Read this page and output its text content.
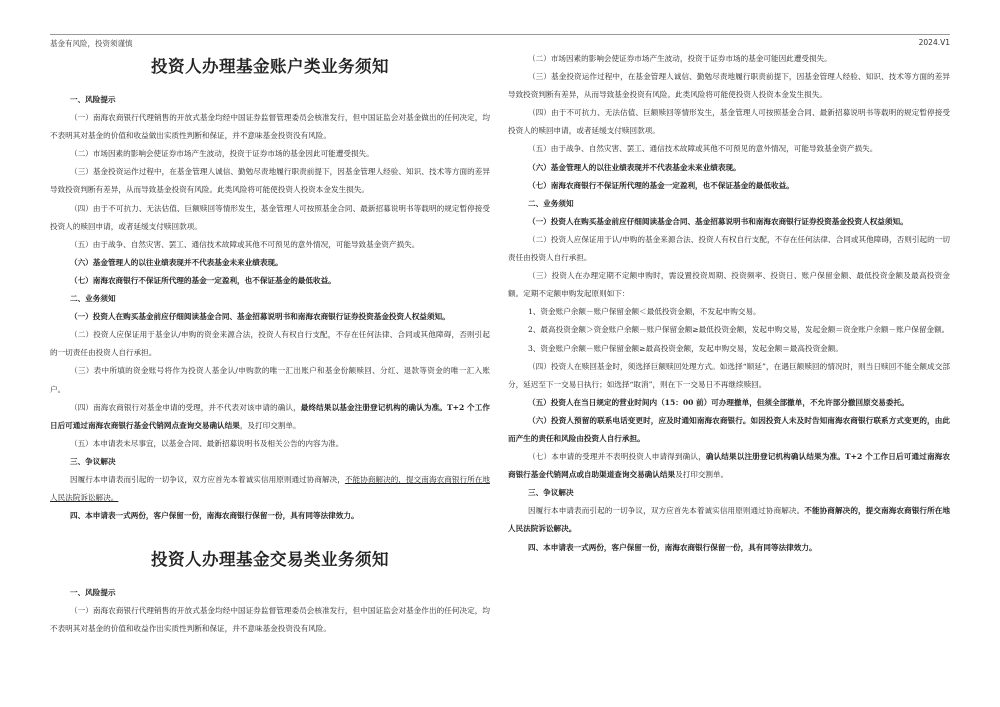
基金有风险，投资须谨慎	2024.V1
投资人办理基金账户类业务须知

一、风险提示

（一）南海农商银行代理销售的开放式基金均经中国证券监督管理委员会核准发行，但中国证监会对基金做出的任何决定，均不表明其对基金的价值和收益做出实质性判断和保证，并不意味基金投资没有风险。

（二）市场因素的影响会使证券市场产生波动，投资于证券市场的基金因此可能遭受损失。

（三）基金投资运作过程中，在基金管理人诚信、勤勉尽责地履行职责前提下，因基金管理人经验、知识、技术等方面的差异导致投资判断有差异，从而导致基金投资有风险。此类风险将可能使投资人投资本金发生损失。

（四）由于不可抗力、无法估值、巨额赎回等情形发生，基金管理人可按照基金合同、最新招募说明书等载明的规定暂停接受投资人的赎回申请，或者延缓支付赎回款项。

（五）由于战争、自然灾害、罢工、通信技术故障或其他不可预见的意外情况，可能导致基金资产损失。

（六）基金管理人的以往业绩表现并不代表基金未来业绩表现。

（七）南海农商银行不保证所代理的基金一定盈利，也不保证基金的最低收益。

二、业务须知

（一）投资人在购买基金前应仔细阅读基金合同、基金招募说明书和南海农商银行证券投资基金投资人权益须知。

（二）投资人应保证用于基金认/申购的资金来源合法，投资人有权自行支配，不存在任何法律、合同或其他障碍，否则引起的一切责任由投资人自行承担。

（三）表中所填的资金账号将作为投资人基金认/申购款的唯一汇出账户和基金份额赎回、分红、退款等资金的唯一汇入账户。

（四）南海农商银行对基金申请的受理，并不代表对该申请的确认，最终结果以基金注册登记机构的确认为准。T+2 个工作日后可通过南海农商银行基金代销网点查询交易确认结果，及打印交割单。

（五）本申请表未尽事宜，以基金合同、最新招募说明书及相关公告的内容为准。

三、争议解决

因履行本申请表而引起的一切争议，双方应首先本着诚实信用原则通过协商解决，不能协商解决的，提交南海农商银行所在地人民法院诉讼解决。

四、本申请表一式两份，客户保留一份，南海农商银行保留一份，具有同等法律效力。

投资人办理基金交易类业务须知

一、风险提示

（一）南海农商银行代理销售的开放式基金均经中国证券监督管理委员会核准发行，但中国证监会对基金作出的任何决定，均不表明其对基金的价值和收益作出实质性判断和保证，并不意味基金投资没有风险。

（二）市场因素的影响会使证券市场产生波动，投资于证券市场的基金可能因此遭受损失。

（三）基金投资运作过程中，在基金管理人诚信、勤勉尽责地履行职责前提下，因基金管理人经验、知识、技术等方面的差异导致投资判断有差异，从而导致基金投资有风险。此类风险将可能使投资人投资本金发生损失。

（四）由于不可抗力、无法估值、巨额赎回等情形发生，基金管理人可按照基金合同、最新招募说明书等载明的规定暂停接受投资人的赎回申请，或者延缓支付赎回款项。

（五）由于战争、自然灾害、罢工、通信技术故障或其他不可预见的意外情况，可能导致基金资产损失。

（六）基金管理人的以往业绩表现并不代表基金未来业绩表现。

（七）南海农商银行不保证所代理的基金一定盈利，也不保证基金的最低收益。

二、业务须知

（一）投资人在购买基金前应仔细阅读基金合同、基金招募说明书和南海农商银行证券投资基金投资人权益须知。

（二）投资人应保证用于认/申购的基金来源合法、投资人有权自行支配，不存在任何法律、合同或其他障碍，否则引起的一切责任由投资人自行承担。

（三）投资人在办理定期不定额申购时，需设置投资周期、投资频率、投资日、账户保留金额、最低投资金额及最高投资金额。定期不定额申购发起原则如下：

1、资金账户余额－账户保留金额＜最低投资金额，不发起申购交易。

2、最高投资金额＞资金账户余额－账户保留金额≥最低投资金额，发起申购交易，发起金额＝资金账户余额－账户保留金额。

3、资金账户余额－账户保留金额≥最高投资金额，发起申购交易，发起金额＝最高投资金额。

（四）投资人在赎回基金时，须选择巨额赎回处理方式。如选择“顺延”，在遇巨额赎回的情况时，则当日赎回不能全额成交部分，延迟至下一交易日执行；如选择“取消”，则在下一交易日不再继续赎回。

（五）投资人在当日规定的营业时间内（15：00 前）可办理撤单，但须全部撤单，不允许部分撤回原交易委托。

（六）投资人预留的联系电话变更时，应及时通知南海农商银行。如因投资人未及时告知南海农商银行联系方式变更的，由此而产生的责任和风险由投资人自行承担。

（七）本申请的受理并不表明投资人申请得到确认，确认结果以注册登记机构确认结果为准。T+2 个工作日后可通过南海农商银行基金代销网点或自助渠道查询交易确认结果及打印交割单。

三、争议解决

因履行本申请表而引起的一切争议，双方应首先本着诚实信用原则通过协商解决。不能协商解决的，提交南海农商银行所在地人民法院诉讼解决。

四、本申请表一式两份，客户保留一份，南海农商银行保留一份，具有同等法律效力。
